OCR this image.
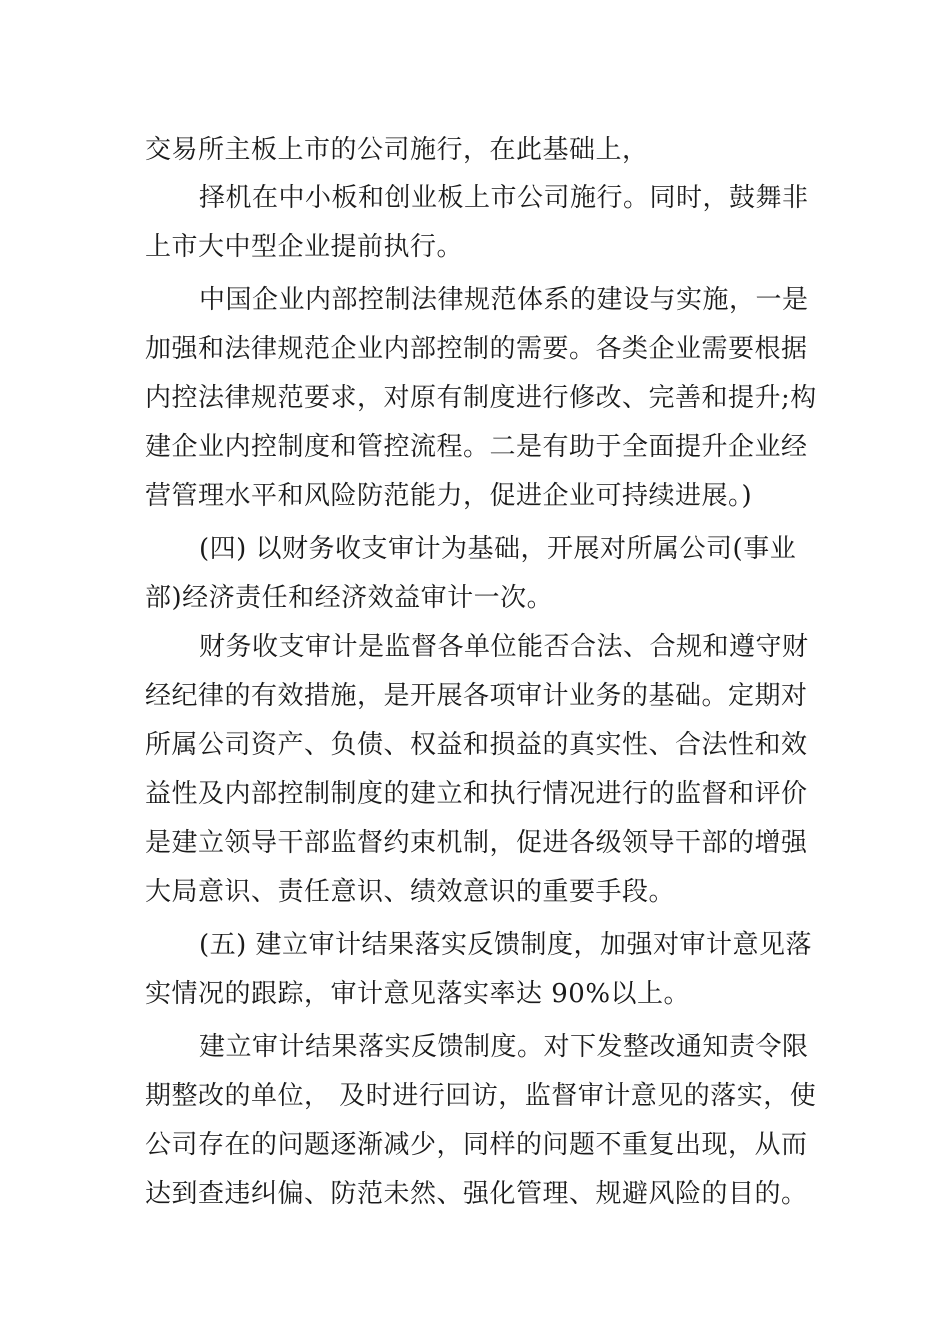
交易所主板上市的公司施行，在此基础上，
择机在中小板和创业板上市公司施行。同时，鼓舞非
上市大中型企业提前执行。
中国企业内部控制法律规范体系的建设与实施，一是
加强和法律规范企业内部控制的需要。各类企业需要根据
内控法律规范要求，对原有制度进行修改、完善和提升;构
建企业内控制度和管控流程。二是有助于全面提升企业经
营管理水平和风险防范能力，促进企业可持续进展。)
(四) 以财务收支审计为基础，开展对所属公司(事业
部)经济责任和经济效益审计一次。
财务收支审计是监督各单位能否合法、合规和遵守财
经纪律的有效措施，是开展各项审计业务的基础。定期对
所属公司资产、负债、权益和损益的真实性、合法性和效
益性及内部控制制度的建立和执行情况进行的监督和评价
是建立领导干部监督约束机制，促进各级领导干部的增强
大局意识、责任意识、绩效意识的重要手段。
(五) 建立审计结果落实反馈制度，加强对审计意见落
实情况的跟踪，审计意见落实率达 90%以上。
建立审计结果落实反馈制度。对下发整改通知责令限
期整改的单位， 及时进行回访，监督审计意见的落实，使
公司存在的问题逐渐减少，同样的问题不重复出现，从而
达到查违纠偏、防范未然、强化管理、规避风险的目的。
